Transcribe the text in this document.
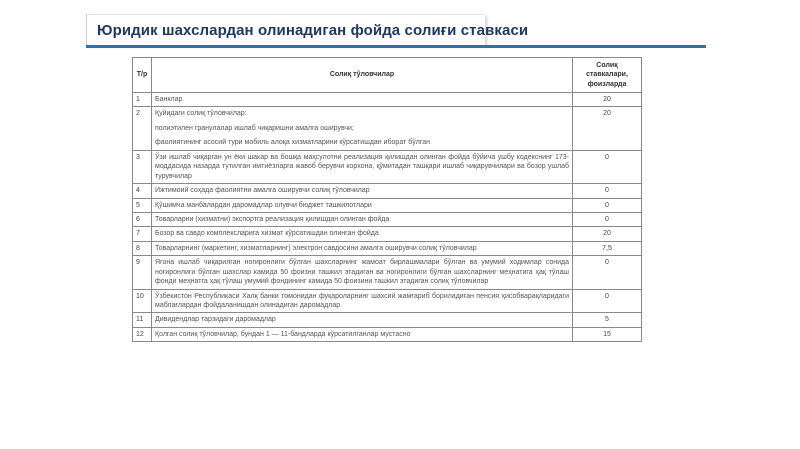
Юридик шахслардан олинадиган фойда солиғи ставкаси
Т/р	Солиқ тўловчилар	Солиқ ставкалари, фоизларда
1	Банклар	20
2	Қуйидаги солиқ тўловчилар:

полиэтилен гранулалар ишлаб чиқаришни амалга оширувчи;

фаолиятининг асосий тури мобиль алоқа хизматларини кўрсатишдан иборат бўлган	20
3	Ўзи ишлаб чиқарган ун ёки шакар ва бошқа маҳсулотни реализация қилишдан олинган фойда бўйича ушбу кодекснинг 173-моддасида назарда тутилган имтиёзларга жавоб берувчи корхона, қўмитадан ташқари ишлаб чиқарувчилари ва бозор ушлаб турувчилар	0
4	Ижтимоий соҳада фаолиятни амалга оширувчи солиқ тўловчилар	0
5	Қўшимча манбалардан даромадлар олувчи бюджет ташкилотлари	0
6	Товарларни (хизматни) экспортга реализация қилишдан олинган фойда	0
7	Бозор ва савдо комплексларига хизмат кўрсатишдан олинган фойда	20
8	Товарларнинг (маркетинг, хизматларнинг) электрон савдосини амалга оширувчи солиқ тўловчилар	7,5
9	Ягона ишлаб чиқарилган ногиронлиги бўлган шахсларнинг жамоат бирлашмалари бўлган ва умумий ходимлар сонида ногиронлиги бўлган шахслар камида 50 фоизни ташкил этадиган ва ногиронлиги бўлган шахсларнинг меҳнатига ҳақ тўлаш фонди меҳнатга ҳақ тўлаш умумий фондининг камида 50 фоизини ташкил этадиган солиқ тўловчилар	0
10	Ўзбекистон Республикаси Халқ банки томонидан фуқароларнинг шахсий жамғариб бориладиган пенсия ҳисобварақларидаги маблағлардан фойдаланишдан олинадиган даромадлар	0
11	Дивидендлар тарзидаги даромадлар	5
12	Қолган солиқ тўловчилар, бундан 1 — 11-бандларда кўрсатилганлар мустасно	15
